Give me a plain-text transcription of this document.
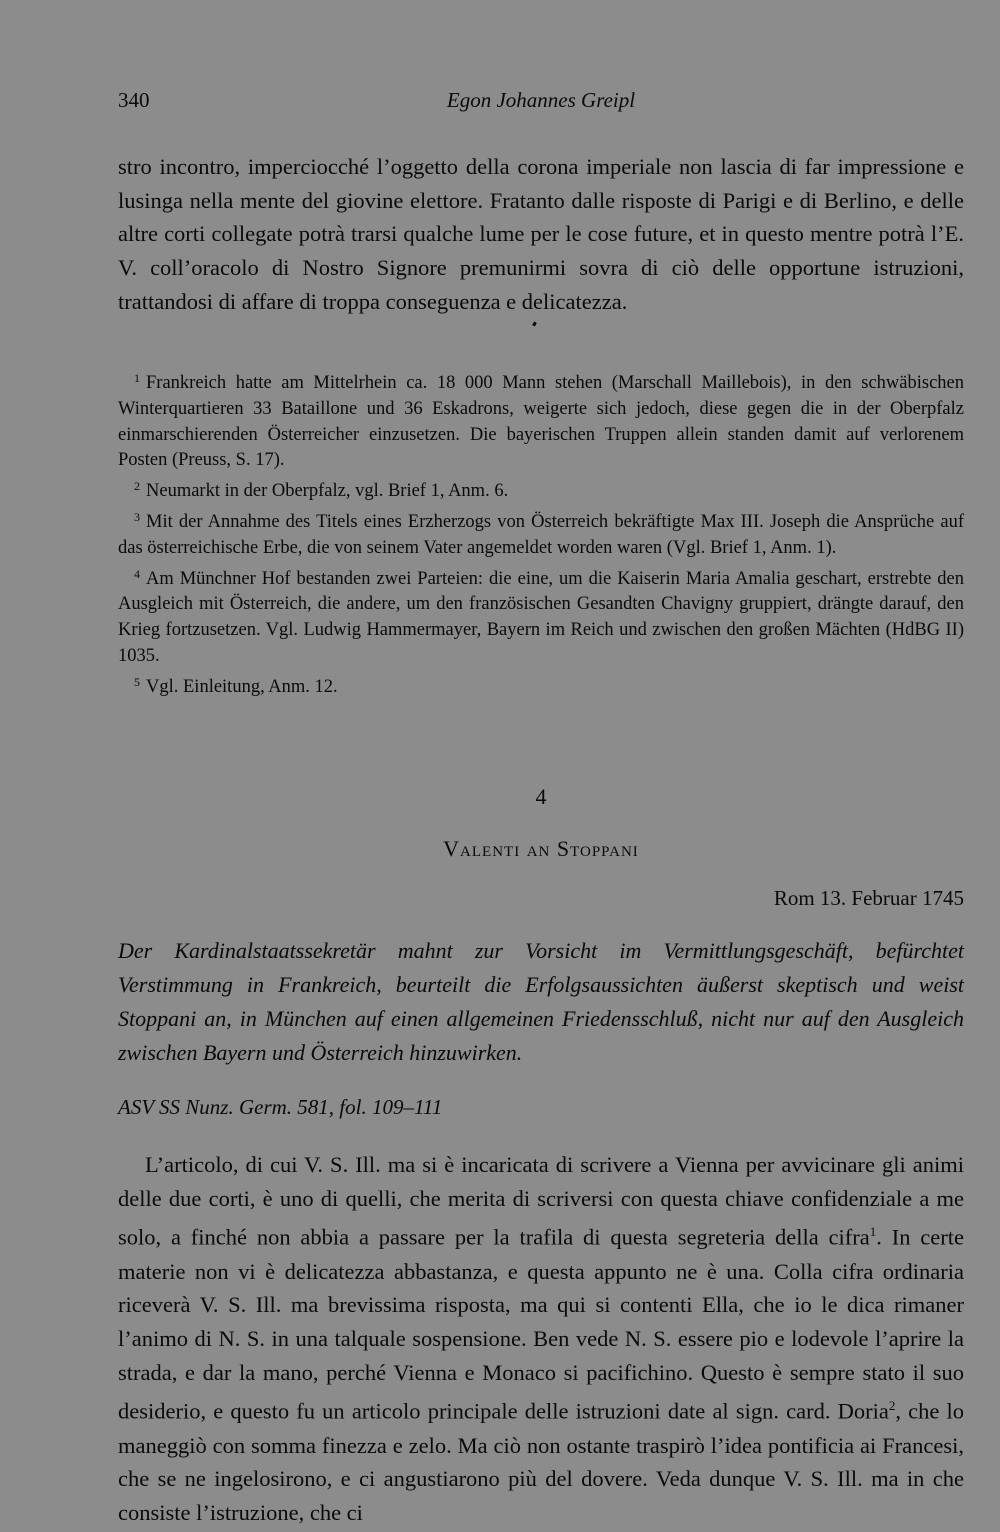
340	Egon Johannes Greipl

stro incontro, imperciocché l’oggetto della corona imperiale non lascia di far impressione e lusinga nella mente del giovine elettore. Fratanto dalle risposte di Parigi e di Berlino, e delle altre corti collegate potrà trarsi qualche lume per le cose future, et in questo mentre potrà l’E. V. coll’oracolo di Nostro Signore premunirmi sovra di ciò delle opportune istruzioni, trattandosi di affare di troppa conseguenza e delicatezza.

$^1$ Frankreich hatte am Mittelrhein ca. 18 000 Mann stehen (Marschall Maillebois), in den schwäbischen Winterquartieren 33 Bataillone und 36 Eskadrons, weigerte sich jedoch, diese gegen die in der Oberpfalz einmarschierenden Österreicher einzusetzen. Die bayerischen Truppen allein standen damit auf verlorenem Posten (Preuss, S. 17).

$^2$ Neumarkt in der Oberpfalz, vgl. Brief 1, Anm. 6.

$^3$ Mit der Annahme des Titels eines Erzherzogs von Österreich bekräftigte Max III. Joseph die Ansprüche auf das österreichische Erbe, die von seinem Vater angemeldet worden waren (Vgl. Brief 1, Anm. 1).

$^4$ Am Münchner Hof bestanden zwei Parteien: die eine, um die Kaiserin Maria Amalia geschart, erstrebte den Ausgleich mit Österreich, die andere, um den französischen Gesandten Chavigny gruppiert, drängte darauf, den Krieg fortzusetzen. Vgl. Ludwig Hammermayer, Bayern im Reich und zwischen den großen Mächten (HdBG II) 1035.

$^5$ Vgl. Einleitung, Anm. 12.

4
Valenti an Stoppani
Rom 13. Februar 1745

Der Kardinalstaatssekretär mahnt zur Vorsicht im Vermittlungsgeschäft, befürchtet Verstimmung in Frankreich, beurteilt die Erfolgsaussichten äußerst skeptisch und weist Stoppani an, in München auf einen allgemeinen Friedensschluß, nicht nur auf den Ausgleich zwischen Bayern und Österreich hinzuwirken.

ASV SS Nunz. Germ. 581, fol. 109–111

L’articolo, di cui V. S. Ill. ma si è incaricata di scrivere a Vienna per avvicinare gli animi delle due corti, è uno di quelli, che merita di scriversi con questa chiave confidenziale a me solo, a finché non abbia a passare per la trafila di questa segreteria della cifra$^1$. In certe materie non vi è delicatezza abbastanza, e questa appunto ne è una. Colla cifra ordinaria riceverà V. S. Ill. ma brevissima risposta, ma qui si contenti Ella, che io le dica rimaner l’animo di N. S. in una talquale sospensione. Ben vede N. S. essere pio e lodevole l’aprire la strada, e dar la mano, perché Vienna e Monaco si pacifichino. Questo è sempre stato il suo desiderio, e questo fu un articolo principale delle istruzioni date al sign. card. Doria$^2$, che lo maneggiò con somma finezza e zelo. Ma ciò non ostante traspirò l’idea pontificia ai Francesi, che se ne ingelosirono, e ci angustiarono più del dovere. Veda dunque V. S. Ill. ma in che consiste l’istruzione, che ci
